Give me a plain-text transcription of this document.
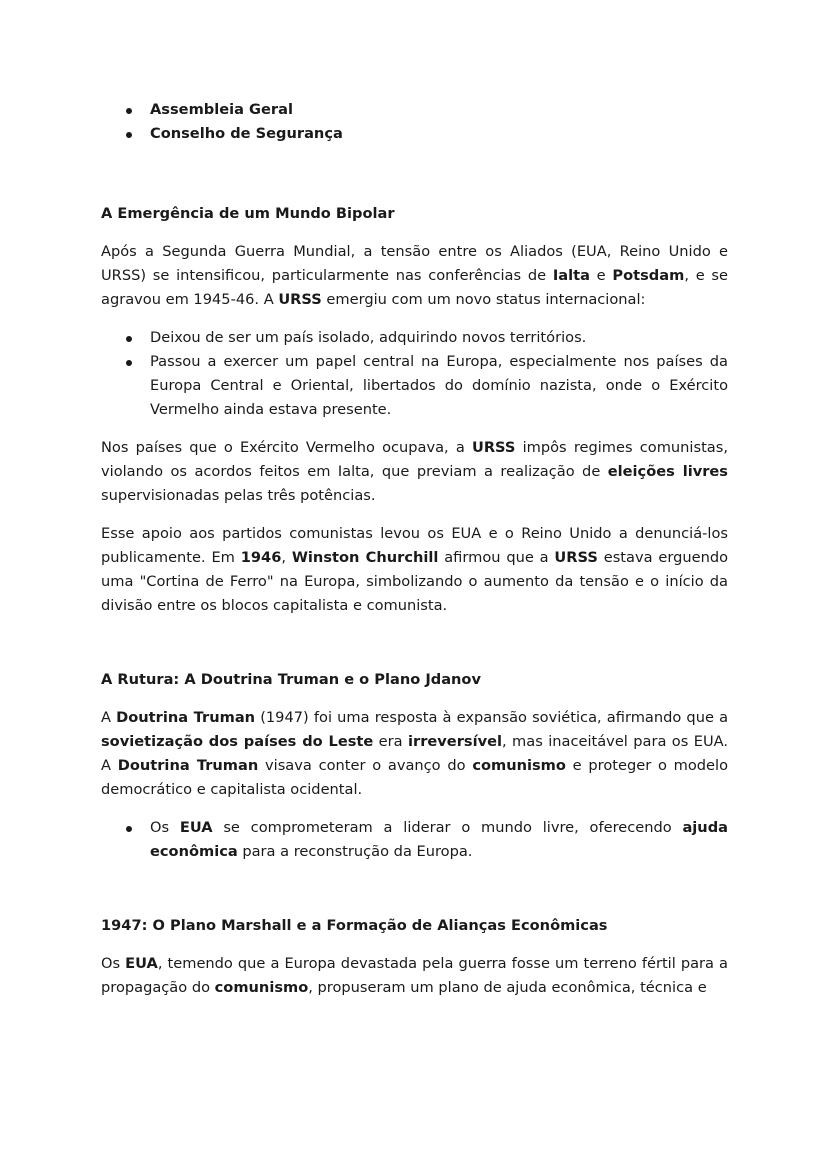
Assembleia Geral
Conselho de Segurança
A Emergência de um Mundo Bipolar

Após a Segunda Guerra Mundial, a tensão entre os Aliados (EUA, Reino Unido e URSS) se intensificou, particularmente nas conferências de Ialta e Potsdam, e se agravou em 1945-46. A URSS emergiu com um novo status internacional:

Deixou de ser um país isolado, adquirindo novos territórios.

Passou a exercer um papel central na Europa, especialmente nos países da Europa Central e Oriental, libertados do domínio nazista, onde o Exército Vermelho ainda estava presente.

Nos países que o Exército Vermelho ocupava, a URSS impôs regimes comunistas, violando os acordos feitos em Ialta, que previam a realização de eleições livres supervisionadas pelas três potências.

Esse apoio aos partidos comunistas levou os EUA e o Reino Unido a denunciá-los publicamente. Em 1946, Winston Churchill afirmou que a URSS estava erguendo uma "Cortina de Ferro" na Europa, simbolizando o aumento da tensão e o início da divisão entre os blocos capitalista e comunista.

A Rutura: A Doutrina Truman e o Plano Jdanov

A Doutrina Truman (1947) foi uma resposta à expansão soviética, afirmando que a sovietização dos países do Leste era irreversível, mas inaceitável para os EUA. A Doutrina Truman visava conter o avanço do comunismo e proteger o modelo democrático e capitalista ocidental.

Os EUA se comprometeram a liderar o mundo livre, oferecendo ajuda econômica para a reconstrução da Europa.

1947: O Plano Marshall e a Formação de Alianças Econômicas

Os EUA, temendo que a Europa devastada pela guerra fosse um terreno fértil para a propagação do comunismo, propuseram um plano de ajuda econômica, técnica e
